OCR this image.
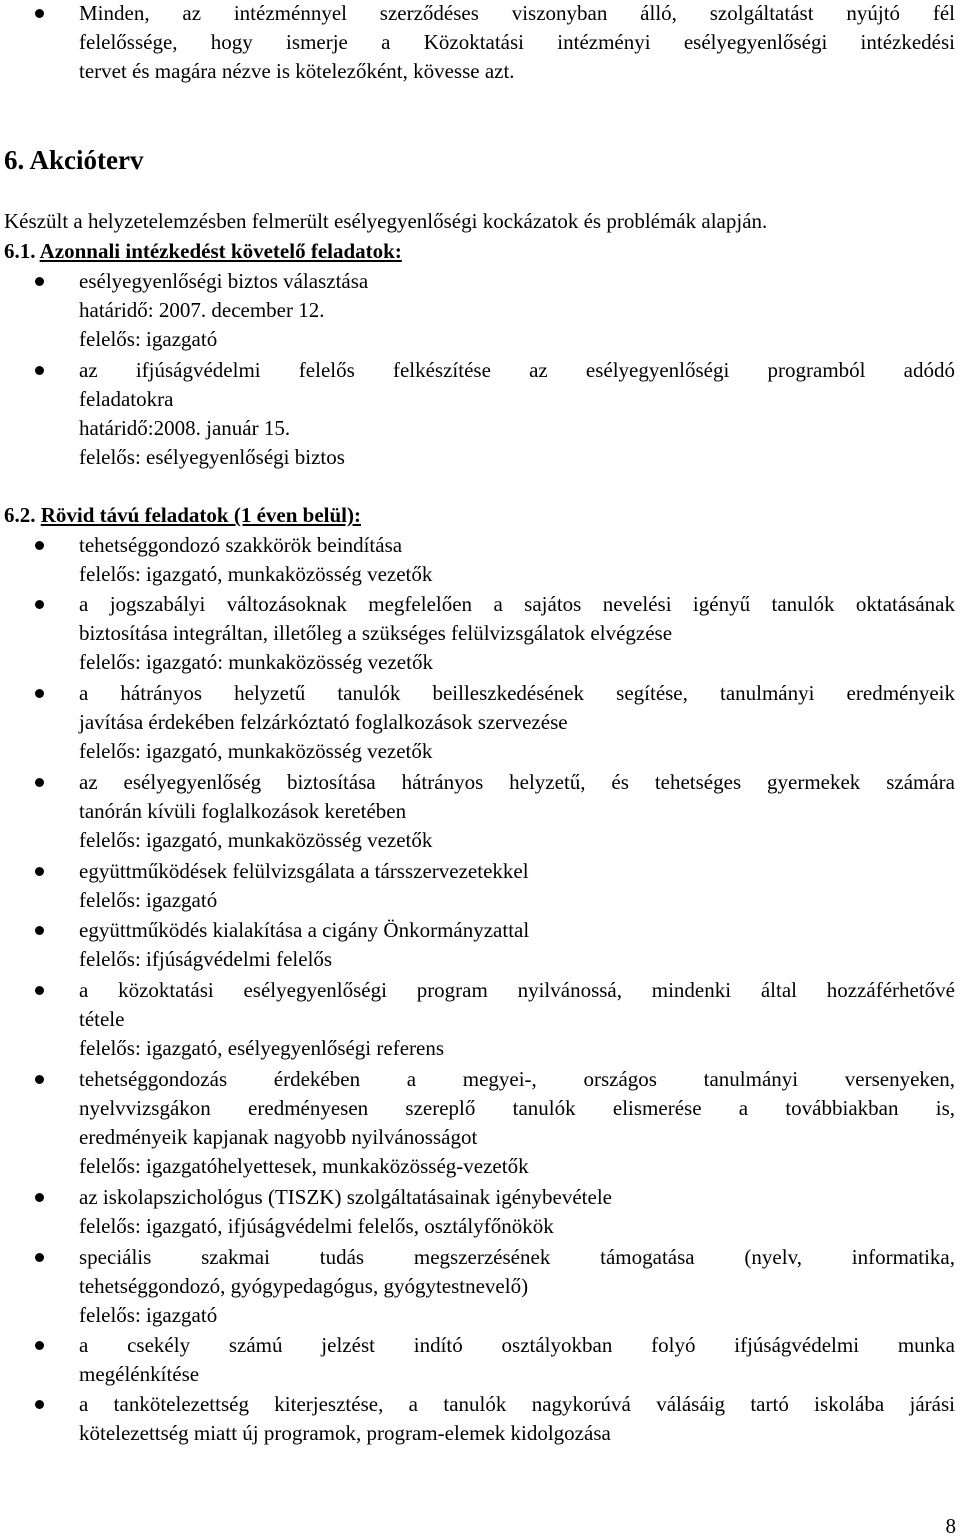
Minden, az intézménnyel szerződéses viszonyban álló, szolgáltatást nyújtó fél
felelőssége, hogy ismerje a Közoktatási intézményi esélyegyenlőségi intézkedési
tervet és magára nézve is kötelezőként, kövesse azt.
6. Akcióterv
Készült a helyzetelemzésben felmerült esélyegyenlőségi kockázatok és problémák alapján.
6.1. Azonnali intézkedést követelő feladatok:
esélyegyenlőségi biztos választása
határidő: 2007. december 12.
felelős: igazgató
az ifjúságvédelmi felelős felkészítése az esélyegyenlőségi programból adódó
feladatokra
határidő:2008. január 15.
felelős: esélyegyenlőségi biztos
6.2. Rövid távú feladatok (1 éven belül):
tehetséggondozó szakkörök beindítása
felelős: igazgató, munkaközösség vezetők
a jogszabályi változásoknak megfelelően a sajátos nevelési igényű tanulók oktatásának
biztosítása integráltan, illetőleg a szükséges felülvizsgálatok elvégzése
felelős: igazgató: munkaközösség vezetők
a hátrányos helyzetű tanulók beilleszkedésének segítése, tanulmányi eredményeik
javítása érdekében felzárkóztató foglalkozások szervezése
felelős: igazgató, munkaközösség vezetők
az esélyegyenlőség biztosítása hátrányos helyzetű, és tehetséges gyermekek számára
tanórán kívüli foglalkozások keretében
felelős: igazgató, munkaközösség vezetők
együttműködések felülvizsgálata a társszervezetekkel
felelős: igazgató
együttműködés kialakítása a cigány Önkormányzattal
felelős: ifjúságvédelmi felelős
a közoktatási esélyegyenlőségi program nyilvánossá, mindenki által hozzáférhetővé
tétele
felelős: igazgató, esélyegyenlőségi referens
tehetséggondozás érdekében a megyei-, országos tanulmányi versenyeken,
nyelvvizsgákon eredményesen szereplő tanulók elismerése a továbbiakban is,
eredményeik kapjanak nagyobb nyilvánosságot
felelős: igazgatóhelyettesek, munkaközösség-vezetők
az iskolapszichológus (TISZK) szolgáltatásainak igénybevétele
felelős: igazgató, ifjúságvédelmi felelős, osztályfőnökök
speciális szakmai tudás megszerzésének támogatása (nyelv, informatika,
tehetséggondozó, gyógypedagógus, gyógytestnevelő)
felelős: igazgató
a csekély számú jelzést indító osztályokban folyó ifjúságvédelmi munka
megélénkítése
a tankötelezettség kiterjesztése, a tanulók nagykorúvá válásáig tartó iskolába járási
kötelezettség miatt új programok, program-elemek kidolgozása
8
